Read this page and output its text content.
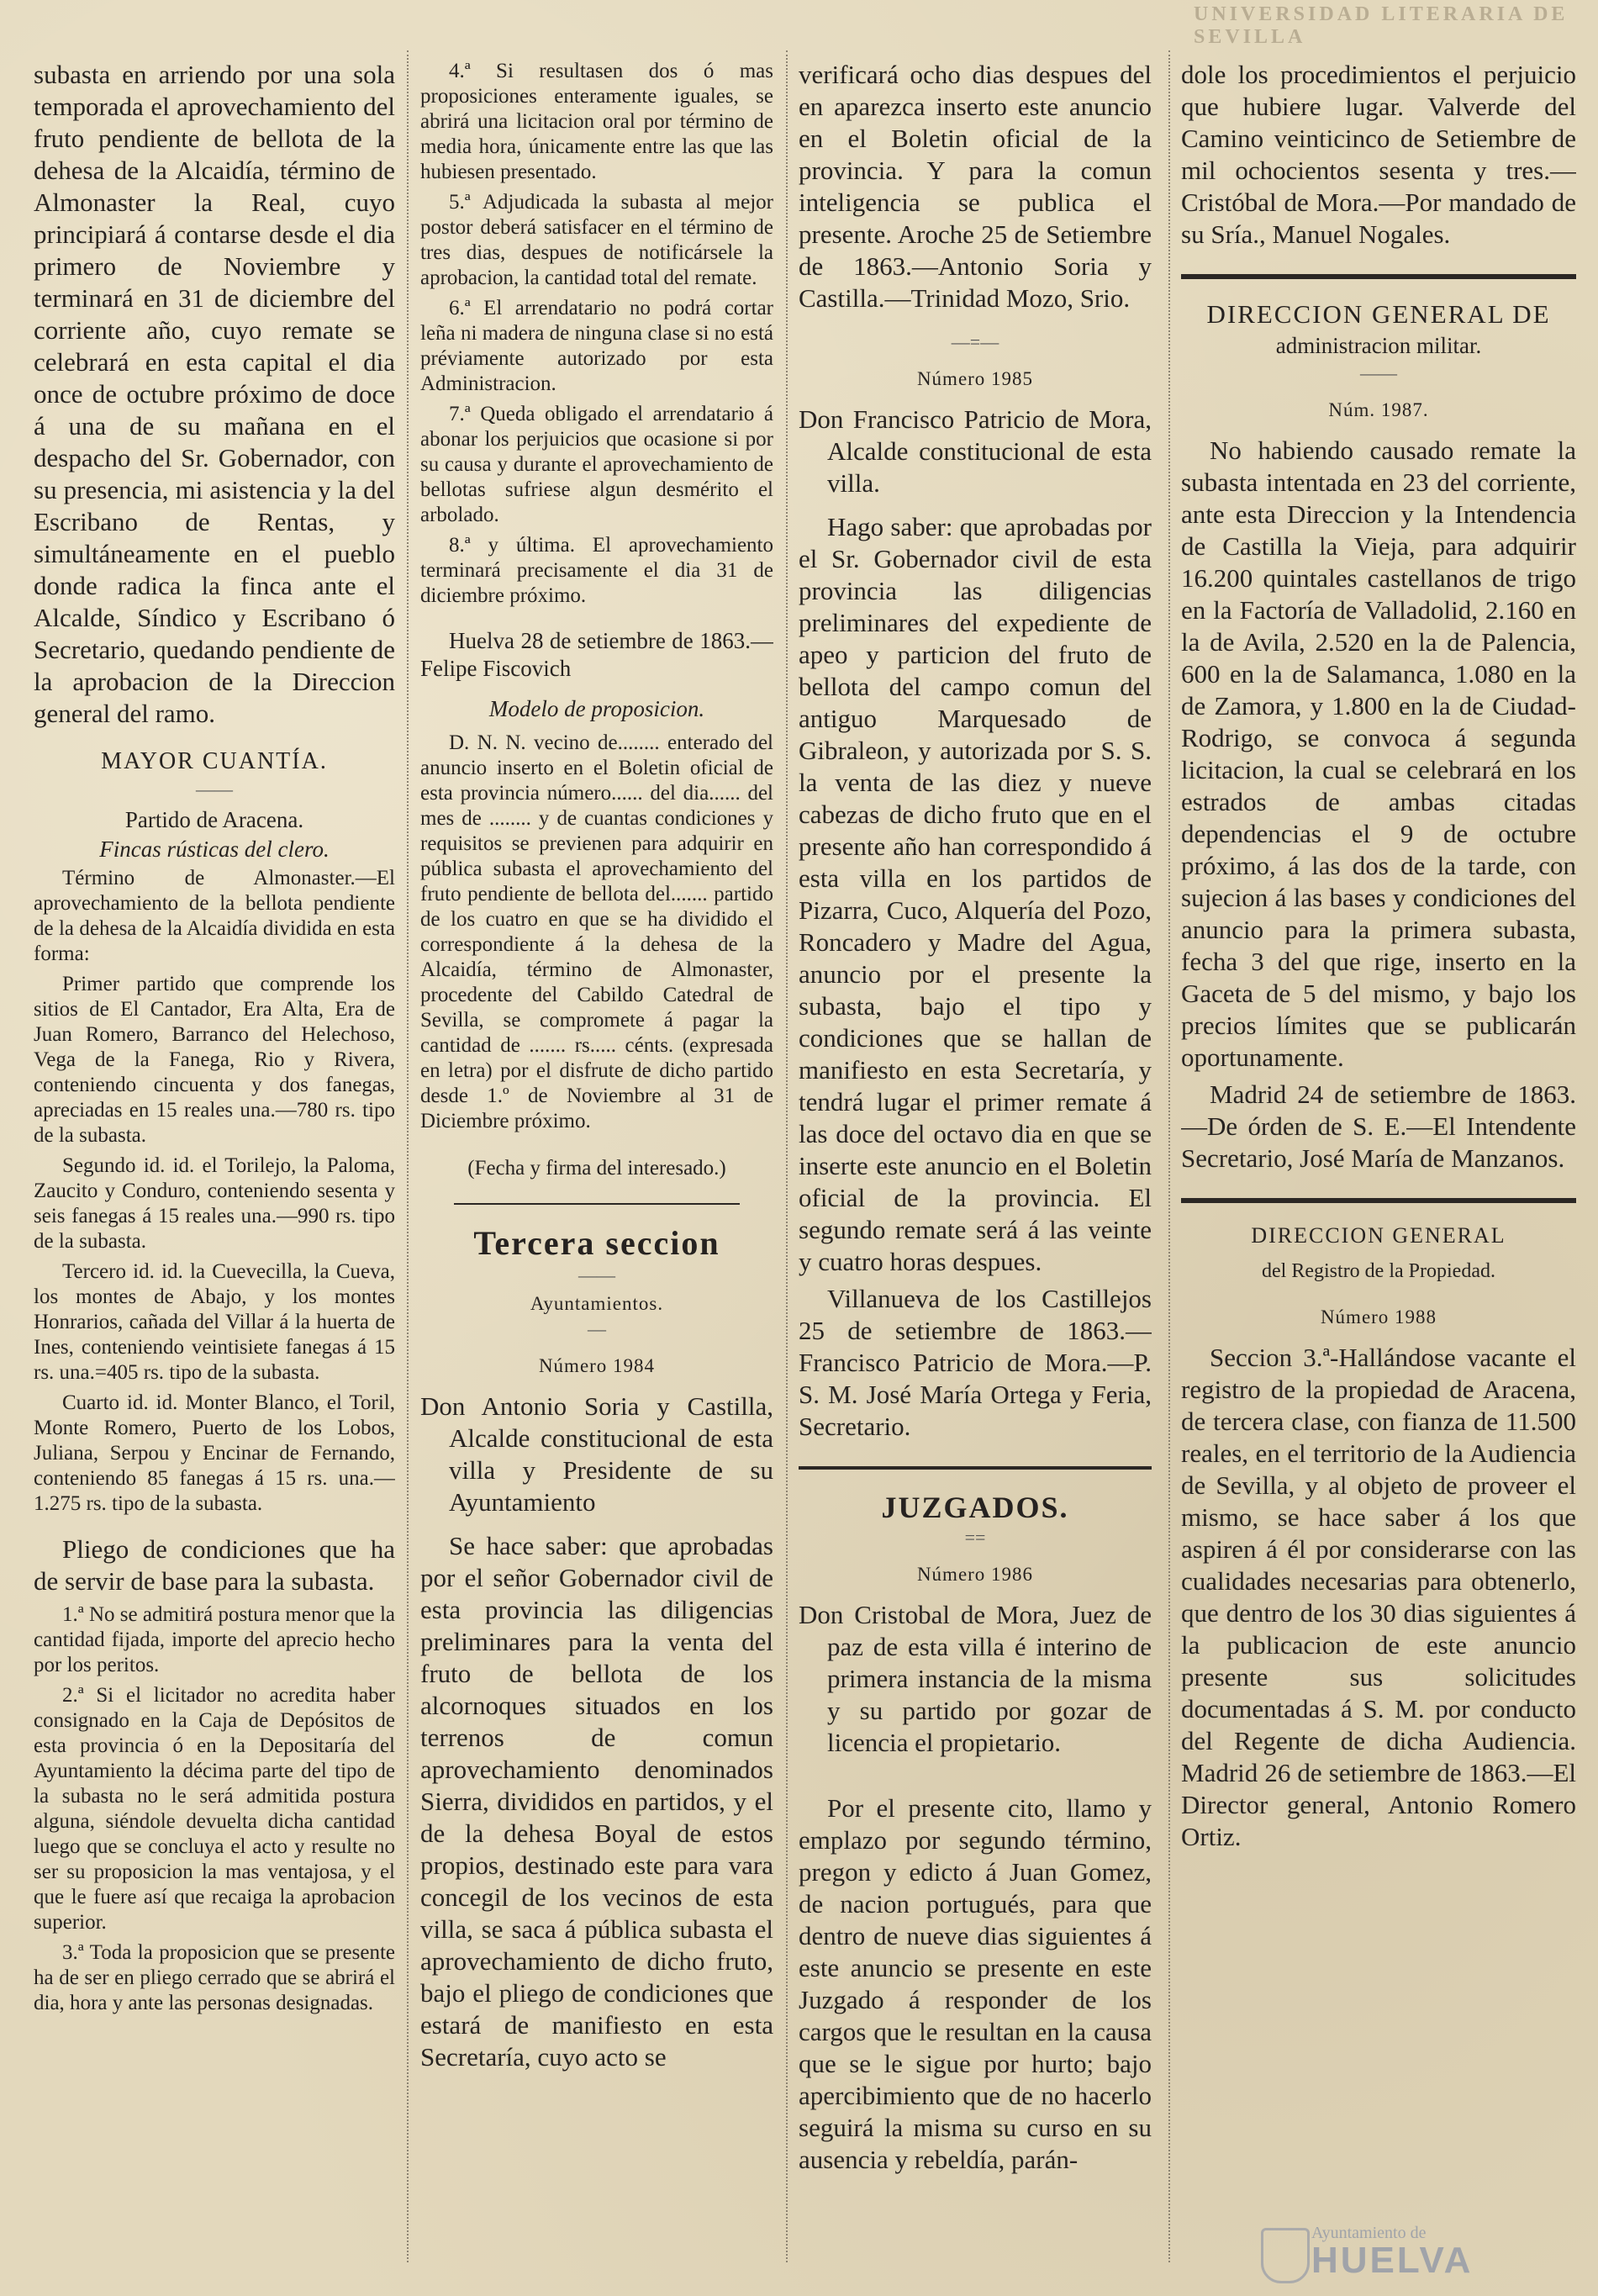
UNIVERSIDAD LITERARIA DE SEVILLA

subasta en arriendo por una sola temporada el aprovechamiento del fruto pendiente de bellota de la dehesa de la Alcaidía, término de Almonaster la Real, cuyo principiará á contarse desde el dia primero de Noviembre y terminará en 31 de diciembre del corriente año, cuyo remate se celebrará en esta capital el dia once de octubre próximo de doce á una de su mañana en el despacho del Sr. Gobernador, con su presencia, mi asistencia y la del Escribano de Rentas, y simultáneamente en el pueblo donde radica la finca ante el Alcalde, Síndico y Escribano ó Secretario, quedando pendiente de la aprobacion de la Direccion general del ramo.

MAYOR CUANTÍA.
——
Partido de Aracena.
Fincas rústicas del clero.

Término de Almonaster.—El aprovechamiento de la bellota pendiente de la dehesa de la Alcaidía dividida en esta forma:

Primer partido que comprende los sitios de El Cantador, Era Alta, Era de Juan Romero, Barranco del Helechoso, Vega de la Fanega, Rio y Rivera, conteniendo cincuenta y dos fanegas, apreciadas en 15 reales una.—780 rs. tipo de la subasta.

Segundo id. id. el Torilejo, la Paloma, Zaucito y Conduro, conteniendo sesenta y seis fanegas á 15 reales una.—990 rs. tipo de la subasta.

Tercero id. id. la Cuevecilla, la Cueva, los montes de Abajo, y los montes Honrarios, cañada del Villar á la huerta de Ines, conteniendo veintisiete fanegas á 15 rs. una.=405 rs. tipo de la subasta.

Cuarto id. id. Monter Blanco, el Toril, Monte Romero, Puerto de los Lobos, Juliana, Serpou y Encinar de Fernando, conteniendo 85 fanegas á 15 rs. una.—1.275 rs. tipo de la subasta.

Pliego de condiciones que ha de servir de base para la subasta.

1.ª No se admitirá postura menor que la cantidad fijada, importe del aprecio hecho por los peritos.

2.ª Si el licitador no acredita haber consignado en la Caja de Depósitos de esta provincia ó en la Depositaría del Ayuntamiento la décima parte del tipo de la subasta no le será admitida postura alguna, siéndole devuelta dicha cantidad luego que se concluya el acto y resulte no ser su proposicion la mas ventajosa, y el que le fuere así que recaiga la aprobacion superior.

3.ª Toda la proposicion que se presente ha de ser en pliego cerrado que se abrirá el dia, hora y ante las personas designadas.

4.ª Si resultasen dos ó mas proposiciones enteramente iguales, se abrirá una licitacion oral por término de media hora, únicamente entre las que las hubiesen presentado.

5.ª Adjudicada la subasta al mejor postor deberá satisfacer en el término de tres dias, despues de notificársele la aprobacion, la cantidad total del remate.

6.ª El arrendatario no podrá cortar leña ni madera de ninguna clase si no está préviamente autorizado por esta Administracion.

7.ª Queda obligado el arrendatario á abonar los perjuicios que ocasione si por su causa y durante el aprovechamiento de bellotas sufriese algun desmérito el arbolado.

8.ª y última. El aprovechamiento terminará precisamente el dia 31 de diciembre próximo.

Huelva 28 de setiembre de 1863.—Felipe Fiscovich

Modelo de proposicion.

D. N. N. vecino de........ enterado del anuncio inserto en el Boletin oficial de esta provincia número...... del dia...... del mes de ........ y de cuantas condiciones y requisitos se previenen para adquirir en pública subasta el aprovechamiento del fruto pendiente de bellota del....... partido de los cuatro en que se ha dividido el correspondiente á la dehesa de la Alcaidía, término de Almonaster, procedente del Cabildo Catedral de Sevilla, se compromete á pagar la cantidad de ....... rs..... cénts. (expresada en letra) por el disfrute de dicho partido desde 1.º de Noviembre al 31 de Diciembre próximo.

(Fecha y firma del interesado.)

Tercera seccion
——
Ayuntamientos.
—
Número 1984

Don Antonio Soria y Castilla, Alcalde constitucional de esta villa y Presidente de su Ayuntamiento

Se hace saber: que aprobadas por el señor Gobernador civil de esta provincia las diligencias preliminares para la venta del fruto de bellota de los alcornoques situados en los terrenos de comun aprovechamiento denominados Sierra, divididos en partidos, y el de la dehesa Boyal de estos propios, destinado este para vara concegil de los vecinos de esta villa, se saca á pública subasta el aprovechamiento de dicho fruto, bajo el pliego de condiciones que estará de manifiesto en esta Secretaría, cuyo acto se

verificará ocho dias despues del en aparezca inserto este anuncio en el Boletin oficial de la provincia. Y para la comun inteligencia se publica el presente. Aroche 25 de Setiembre de 1863.—Antonio Soria y Castilla.—Trinidad Mozo, Srio.

—=—
Número 1985

Don Francisco Patricio de Mora, Alcalde constitucional de esta villa.

Hago saber: que aprobadas por el Sr. Gobernador civil de esta provincia las diligencias preliminares del expediente de apeo y particion del fruto de bellota del campo comun del antiguo Marquesado de Gibraleon, y autorizada por S. S. la venta de las diez y nueve cabezas de dicho fruto que en el presente año han correspondido á esta villa en los partidos de Pizarra, Cuco, Alquería del Pozo, Roncadero y Madre del Agua, anuncio por el presente la subasta, bajo el tipo y condiciones que se hallan de manifiesto en esta Secretaría, y tendrá lugar el primer remate á las doce del octavo dia en que se inserte este anuncio en el Boletin oficial de la provincia. El segundo remate será á las veinte y cuatro horas despues.

Villanueva de los Castillejos 25 de setiembre de 1863.—Francisco Patricio de Mora.—P. S. M. José María Ortega y Feria, Secretario.

JUZGADOS.
==
Número 1986

Don Cristobal de Mora, Juez de paz de esta villa é interino de primera instancia de la misma y su partido por gozar de licencia el propietario.

Por el presente cito, llamo y emplazo por segundo término, pregon y edicto á Juan Gomez, de nacion portugués, para que dentro de nueve dias siguientes á este anuncio se presente en este Juzgado á responder de los cargos que le resultan en la causa que se le sigue por hurto; bajo apercibimiento que de no hacerlo seguirá la misma su curso en su ausencia y rebeldía, parán-

dole los procedimientos el perjuicio que hubiere lugar. Valverde del Camino veinticinco de Setiembre de mil ochocientos sesenta y tres.—Cristóbal de Mora.—Por mandado de su Sría., Manuel Nogales.

DIRECCION GENERAL DE
administracion militar.
——
Núm. 1987.

No habiendo causado remate la subasta intentada en 23 del corriente, ante esta Direccion y la Intendencia de Castilla la Vieja, para adquirir 16.200 quintales castellanos de trigo en la Factoría de Valladolid, 2.160 en la de Avila, 2.520 en la de Palencia, 600 en la de Salamanca, 1.080 en la de Zamora, y 1.800 en la de Ciudad-Rodrigo, se convoca á segunda licitacion, la cual se celebrará en los estrados de ambas citadas dependencias el 9 de octubre próximo, á las dos de la tarde, con sujecion á las bases y condiciones del anuncio para la primera subasta, fecha 3 del que rige, inserto en la Gaceta de 5 del mismo, y bajo los precios límites que se publicarán oportunamente.

Madrid 24 de setiembre de 1863.—De órden de S. E.—El Intendente Secretario, José María de Manzanos.

DIRECCION GENERAL
del Registro de la Propiedad.
Número 1988

Seccion 3.ª-Hallándose vacante el registro de la propiedad de Aracena, de tercera clase, con fianza de 11.500 reales, en el territorio de la Audiencia de Sevilla, y al objeto de proveer el mismo, se hace saber á los que aspiren á él por considerarse con las cualidades necesarias para obtenerlo, que dentro de los 30 dias siguientes á la publicacion de este anuncio presente sus solicitudes documentadas á S. M. por conducto del Regente de dicha Audiencia. Madrid 26 de setiembre de 1863.—El Director general, Antonio Romero Ortiz.

Ayuntamiento de
HUELVA
